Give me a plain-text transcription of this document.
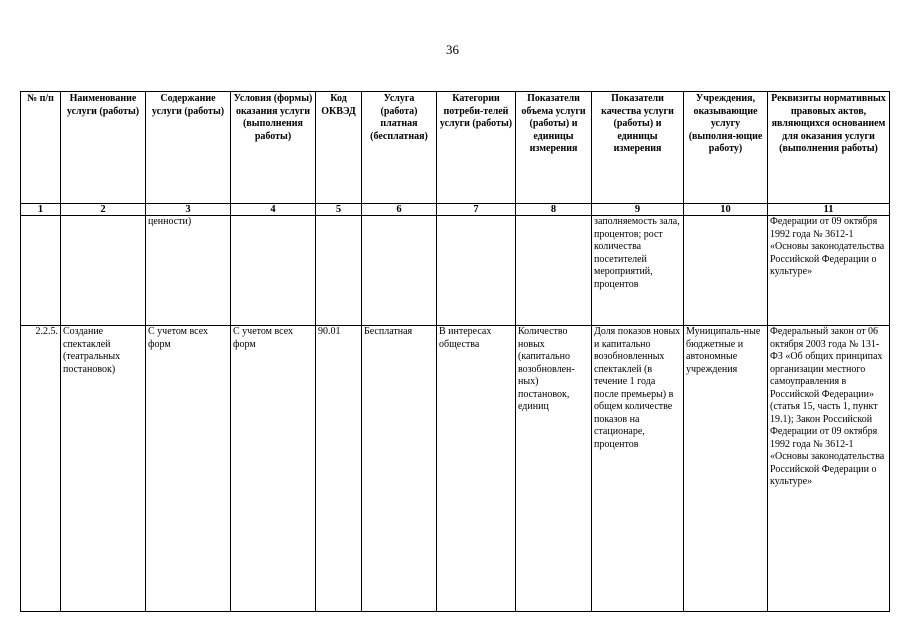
36
№ п/п	Наименование услуги (работы)	Содержание услуги (работы)	Условия (формы) оказания услуги (выполнения работы)	Код ОКВЭД	Услуга (работа) платная (бесплатная)	Категории потреби-телей услуги (работы)	Показатели объема услуги (работы) и единицы измерения	Показатели качества услуги (работы) и единицы измерения	Учреждения, оказывающие услугу (выполня-ющие работу)	Реквизиты нормативных правовых актов, являющихся основанием для оказания услуги (выполнения работы)
1	2	3	4	5	6	7	8	9	10	11
		ценности)						заполняемость зала, процентов; рост количества посетителей мероприятий, процентов		Федерации от 09 октября 1992 года № 3612-1 «Основы законодательства Российской Федерации о культуре»
2.2.5.	Создание спектаклей (театральных постановок)	С учетом всех форм	С учетом всех форм	90.01	Бесплатная	В интересах общества	Количество новых (капитально возобновлен-ных) постановок, единиц	Доля показов новых и капитально возобновленных спектаклей (в течение 1 года после премьеры) в общем количестве показов на стационаре, процентов	Муниципаль-ные бюджетные и автономные учреждения	Федеральный закон от 06 октября 2003 года № 131-ФЗ «Об общих принципах организации местного самоуправления в Российской Федерации» (статья 15, часть 1, пункт 19.1); Закон Российской Федерации от 09 октября 1992 года № 3612-1 «Основы законодательства Российской Федерации о культуре»
